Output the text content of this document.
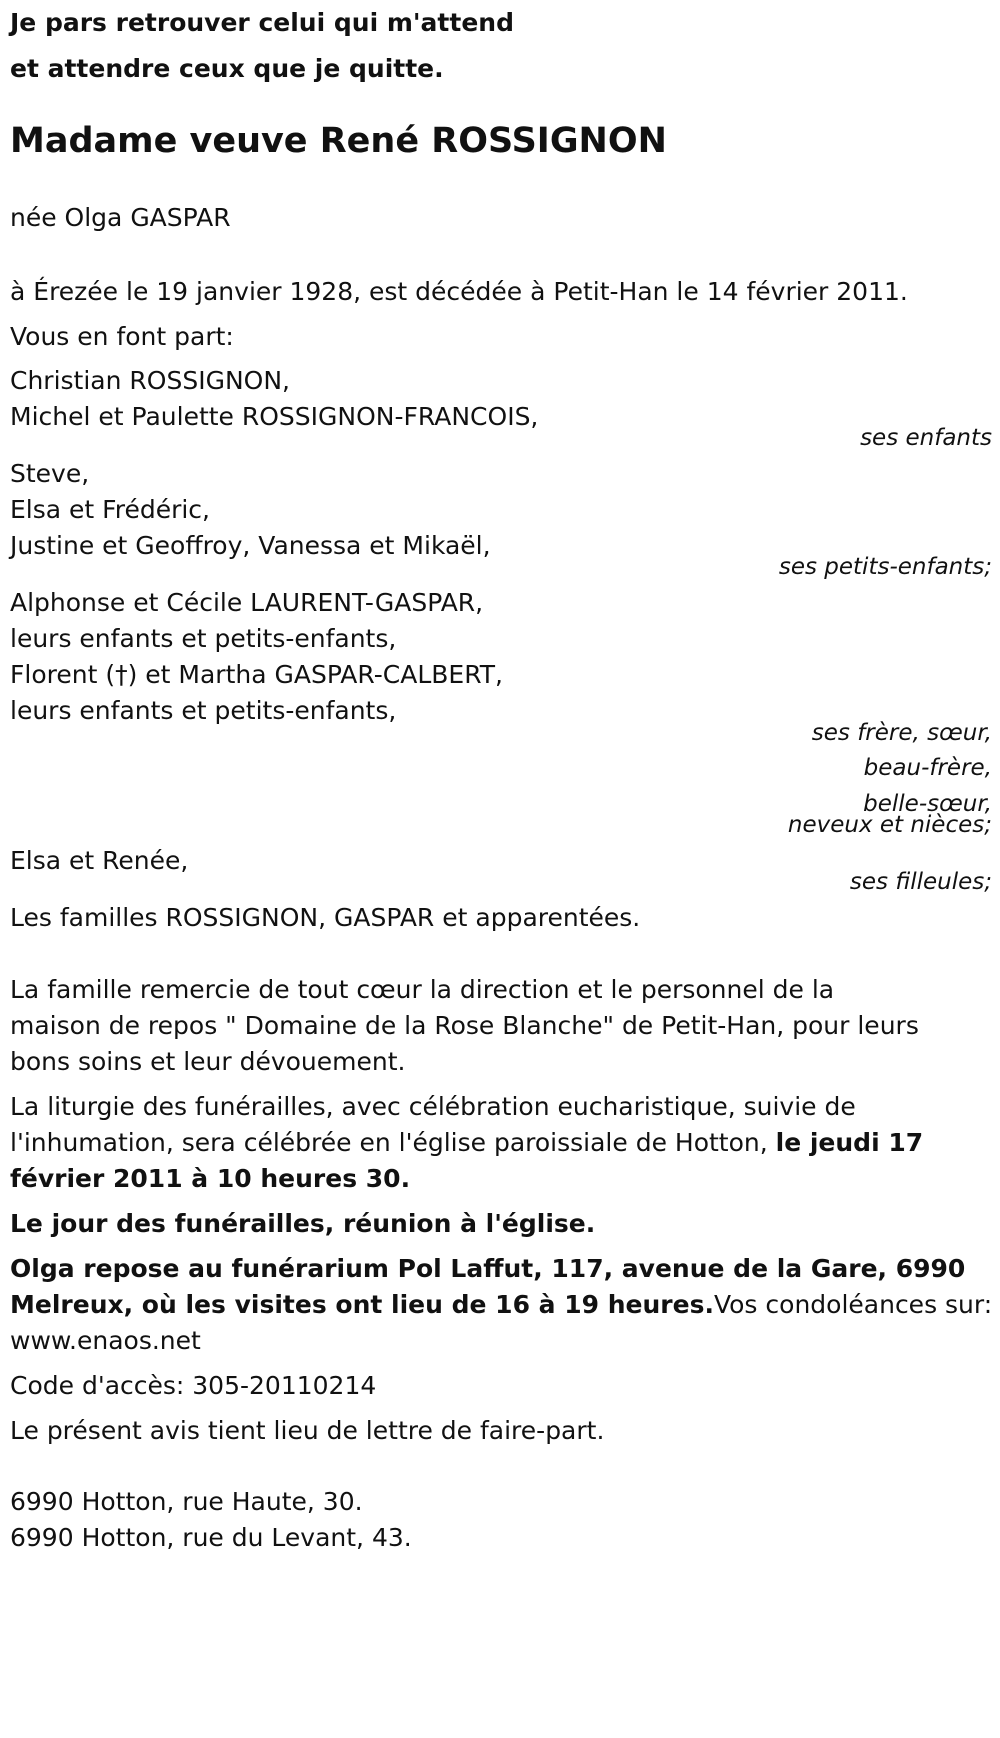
Je pars retrouver celui qui m'attend

et attendre ceux que je quitte.

Madame veuve René ROSSIGNON

née Olga GASPAR

à Érezée le 19 janvier 1928, est décédée à Petit-Han le 14 février 2011.

Vous en font part:

Christian ROSSIGNON,

Michel et Paulette ROSSIGNON-FRANCOIS,

ses enfants

Steve,

Elsa et Frédéric,

Justine et Geoffroy, Vanessa et Mikaël,

ses petits-enfants;

Alphonse et Cécile LAURENT-GASPAR,

leurs enfants et petits-enfants,

Florent (†) et Martha GASPAR-CALBERT,

leurs enfants et petits-enfants,

ses frère, sœur,

beau-frère,

belle-sœur,

neveux et nièces;

Elsa et Renée,

ses filleules;

Les familles ROSSIGNON, GASPAR et apparentées.

La famille remercie de tout cœur la direction et le personnel de la

maison de repos " Domaine de la Rose Blanche" de Petit-Han, pour leurs

bons soins et leur dévouement.

La liturgie des funérailles, avec célébration eucharistique, suivie de

l'inhumation, sera célébrée en l'église paroissiale de Hotton, le jeudi 17

février 2011 à 10 heures 30.

Le jour des funérailles, réunion à l'église.

Olga repose au funérarium Pol Laffut, 117, avenue de la Gare, 6990

Melreux, où les visites ont lieu de 16 à 19 heures.Vos condoléances sur:

www.enaos.net

Code d'accès: 305-20110214

Le présent avis tient lieu de lettre de faire-part.

6990 Hotton, rue Haute, 30.

6990 Hotton, rue du Levant, 43.
